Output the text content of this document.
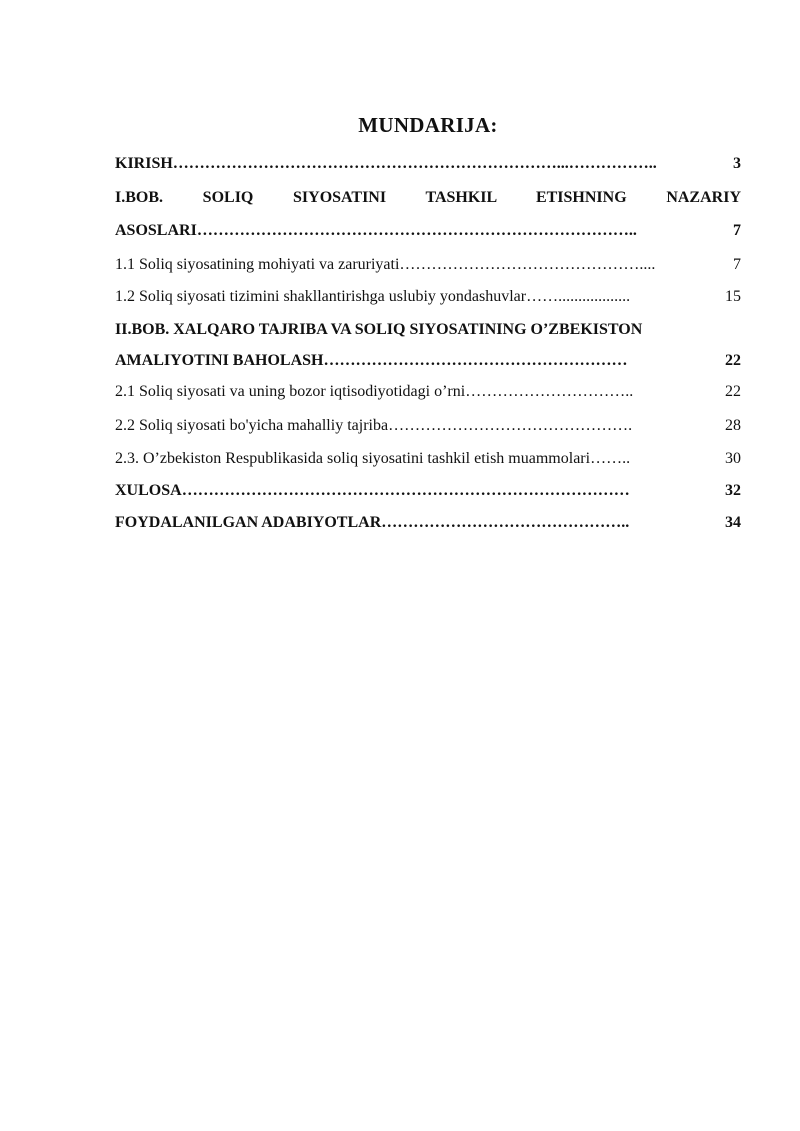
MUNDARIJA:
KIRISH ………………………………………………………………...……………..	3
I.BOB. SOLIQ SIYOSATINI TASHKIL ETISHNING NAZARIY
ASOSLARI ………………………………………………………………………..	7
1.1 Soliq siyosatining mohiyati va zaruriyati ………………………………………....	7
1.2 Soliq siyosati tizimini shakllantirishga uslubiy yondashuvlar ……..................	15
II.BOB. XALQARO TAJRIBA VA SOLIQ SIYOSATINING O’ZBEKISTON
AMALIYOTINI BAHOLASH …………………………………………………	22
2.1 Soliq siyosati va uning bozor iqtisodiyotidagi o’rni …………………………..	22
2.2 Soliq siyosati bo'yicha mahalliy tajriba ……………………………………….	28
2.3. O’zbekiston Respublikasida soliq siyosatini tashkil etish muammolari ……..	30
XULOSA …………………………………………………………………………	32
FOYDALANILGAN ADABIYOTLAR ………………………………………..	34
